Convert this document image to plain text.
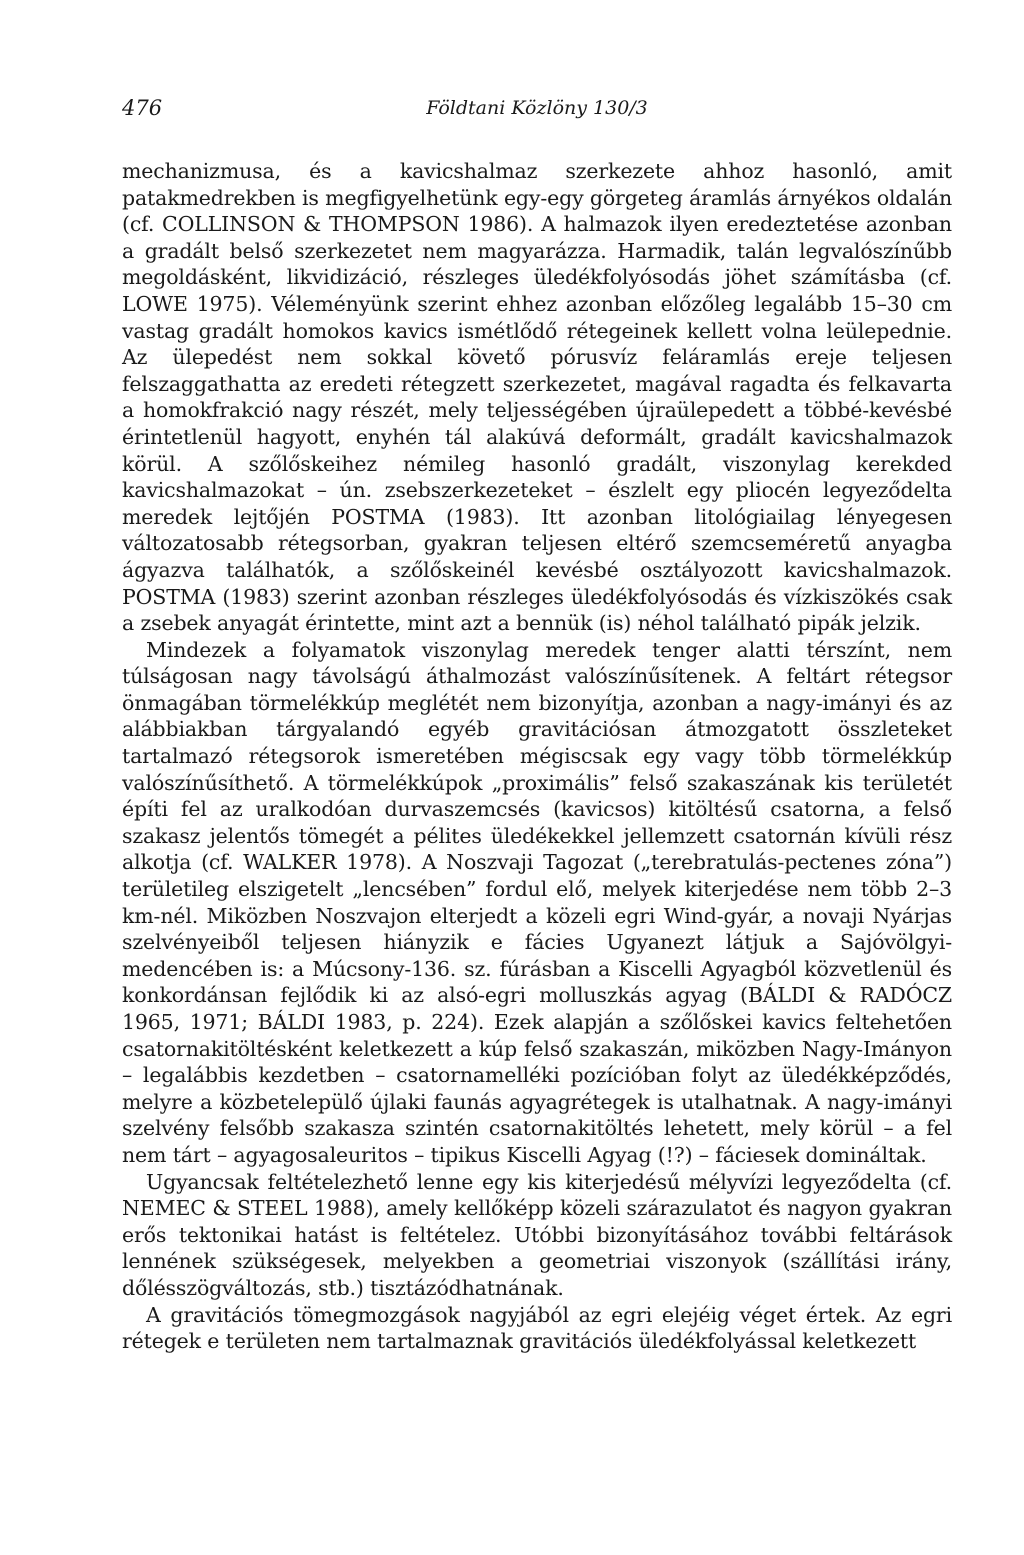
476	Földtani Közlöny 130/3

mechanizmusa, és a kavicshalmaz szerkezete ahhoz hasonló, amit patakmedrekben is megfigyelhetünk egy-egy görgeteg áramlás árnyékos oldalán (cf. COLLINSON & THOMPSON 1986). A halmazok ilyen eredeztetése azonban a gradált belső szerkezetet nem magyarázza. Harmadik, talán legvalószínűbb megoldásként, likvidizáció, részleges üledékfolyósodás jöhet számításba (cf. LOWE 1975). Véleményünk szerint ehhez azonban előzőleg legalább 15–30 cm vastag gradált homokos kavics ismétlődő rétegeinek kellett volna leülepednie. Az ülepedést nem sokkal követő pórusvíz feláramlás ereje teljesen felszaggathatta az eredeti rétegzett szerkezetet, magával ragadta és felkavarta a homokfrakció nagy részét, mely teljességében újraülepedett a többé-kevésbé érintetlenül hagyott, enyhén tál alakúvá deformált, gradált kavicshalmazok körül. A szőlőskeihez némileg hasonló gradált, viszonylag kerekded kavicshalmazokat – ún. zsebszerkezeteket – észlelt egy pliocén legyeződelta meredek lejtőjén POSTMA (1983). Itt azonban litológiailag lényegesen változatosabb rétegsorban, gyakran teljesen eltérő szemcseméretű anyagba ágyazva találhatók, a szőlőskeinél kevésbé osztályozott kavicshalmazok. POSTMA (1983) szerint azonban részleges üledékfolyósodás és vízkiszökés csak a zsebek anyagát érintette, mint azt a bennük (is) néhol található pipák jelzik.

Mindezek a folyamatok viszonylag meredek tenger alatti térszínt, nem túlságosan nagy távolságú áthalmozást valószínűsítenek. A feltárt rétegsor önmagában törmelékkúp meglétét nem bizonyítja, azonban a nagy-imányi és az alábbiakban tárgyalandó egyéb gravitációsan átmozgatott összleteket tartalmazó rétegsorok ismeretében mégiscsak egy vagy több törmelékkúp valószínűsíthető. A törmelékkúpok „proximális” felső szakaszának kis területét építi fel az uralkodóan durvaszemcsés (kavicsos) kitöltésű csatorna, a felső szakasz jelentős tömegét a pélites üledékekkel jellemzett csatornán kívüli rész alkotja (cf. WALKER 1978). A Noszvaji Tagozat („terebratulás-pectenes zóna”) területileg elszigetelt „lencsében” fordul elő, melyek kiterjedése nem több 2–3 km-nél. Miközben Noszvajon elterjedt a közeli egri Wind-gyár, a novaji Nyárjas szelvényeiből teljesen hiányzik e fácies Ugyanezt látjuk a Sajóvölgyi-medencében is: a Múcsony-136. sz. fúrásban a Kiscelli Agyagból közvetlenül és konkordánsan fejlődik ki az alsó-egri molluszkás agyag (BÁLDI & RADÓCZ 1965, 1971; BÁLDI 1983, p. 224). Ezek alapján a szőlőskei kavics feltehetően csatornakitöltésként keletkezett a kúp felső szakaszán, miközben Nagy-Imányon – legalábbis kezdetben – csatornamelléki pozícióban folyt az üledékképződés, melyre a közbetelepülő újlaki faunás agyagrétegek is utalhatnak. A nagy-imányi szelvény felsőbb szakasza szintén csatornakitöltés lehetett, mely körül – a fel nem tárt – agyagosaleuritos – tipikus Kiscelli Agyag (!?) – fáciesek domináltak.

Ugyancsak feltételezhető lenne egy kis kiterjedésű mélyvízi legyeződelta (cf. NEMEC & STEEL 1988), amely kellőképp közeli szárazulatot és nagyon gyakran erős tektonikai hatást is feltételez. Utóbbi bizonyításához további feltárások lennének szükségesek, melyekben a geometriai viszonyok (szállítási irány, dőlésszögváltozás, stb.) tisztázódhatnának.

A gravitációs tömegmozgások nagyjából az egri elejéig véget értek. Az egri rétegek e területen nem tartalmaznak gravitációs üledékfolyással keletkezett
